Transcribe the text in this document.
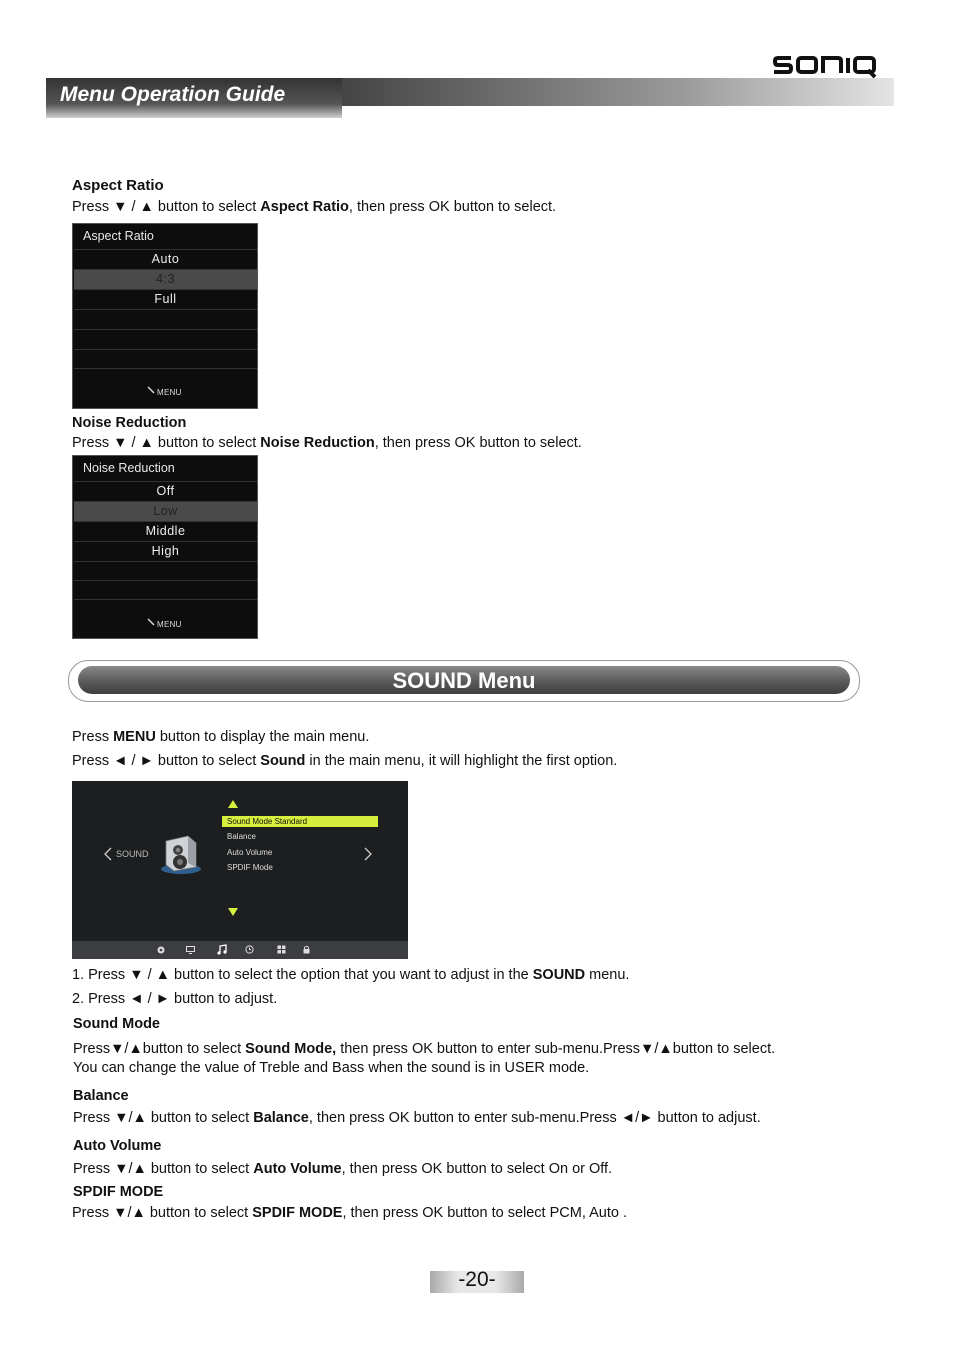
Menu Operation Guide
Aspect Ratio
Press ▼ / ▲ button to select Aspect Ratio, then press OK button to select.
Aspect Ratio
Auto
4:3
Full
MENU
Noise Reduction
Press ▼ / ▲ button to select Noise Reduction, then press OK button to select.
Noise Reduction
Off
Low
Middle
High
MENU
SOUND Menu
Press MENU button to display the main menu.
Press ◄ / ► button to select Sound in the main menu, it will highlight the first option.
Sound Mode Standard
Balance
Auto Volume
SPDIF Mode
SOUND
1. Press ▼ / ▲ button to select the option that you want to adjust in the SOUND menu.
2. Press ◄ / ► button to adjust.
Sound Mode
Press▼/▲button to select Sound Mode, then press OK button to enter sub-menu.Press▼/▲button to select.
You can change the value of Treble and Bass when the sound is in USER mode.
Balance
Press ▼/▲ button to select Balance, then press OK button to enter sub-menu.Press ◄/► button to adjust.
Auto Volume
Press ▼/▲ button to select Auto Volume, then press OK button to select On or Off.
SPDIF MODE
Press ▼/▲ button to select SPDIF MODE, then press OK button to select PCM, Auto .
-20-
